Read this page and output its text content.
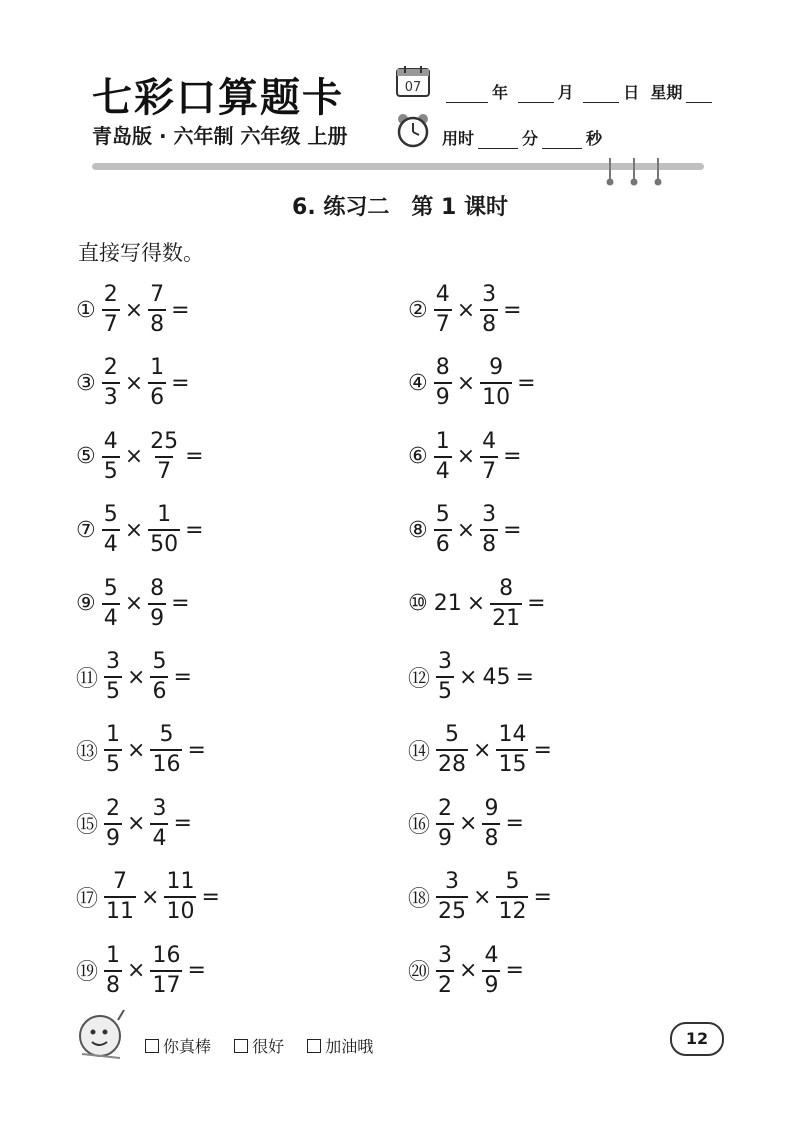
七彩口算题卡
青岛版 · 六年制 六年级 上册
07	年	月	日 星期
用时	分	秒
6. 练习二　第 1 课时
直接写得数。
① $\frac{2}{7} \times \frac{7}{8}$ =	② $\frac{4}{7} \times \frac{3}{8}$ =
③ $\frac{2}{3} \times \frac{1}{6}$ =	④ $\frac{8}{9} \times \frac{9}{10}$ =
⑤ $\frac{4}{5} \times \frac{25}{7}$ =	⑥ $\frac{1}{4} \times \frac{4}{7}$ =
⑦ $\frac{5}{4} \times \frac{1}{50}$ =	⑧ $\frac{5}{6} \times \frac{3}{8}$ =
⑨ $\frac{5}{4} \times \frac{8}{9}$ =	⑩ $21 \times \frac{8}{21}$ =
⑪ $\frac{3}{5} \times \frac{5}{6}$ =	⑫ $\frac{3}{5} \times 45$ =
⑬ $\frac{1}{5} \times \frac{5}{16}$ =	⑭ $\frac{5}{28} \times \frac{14}{15}$ =
⑮ $\frac{2}{9} \times \frac{3}{4}$ =	⑯ $\frac{2}{9} \times \frac{9}{8}$ =
⑰ $\frac{7}{11} \times \frac{11}{10}$ =	⑱ $\frac{3}{25} \times \frac{5}{12}$ =
⑲ $\frac{1}{8} \times \frac{16}{17}$ =	⑳ $\frac{3}{2} \times \frac{4}{9}$ =
你真棒
	很好
	加油哦	12
